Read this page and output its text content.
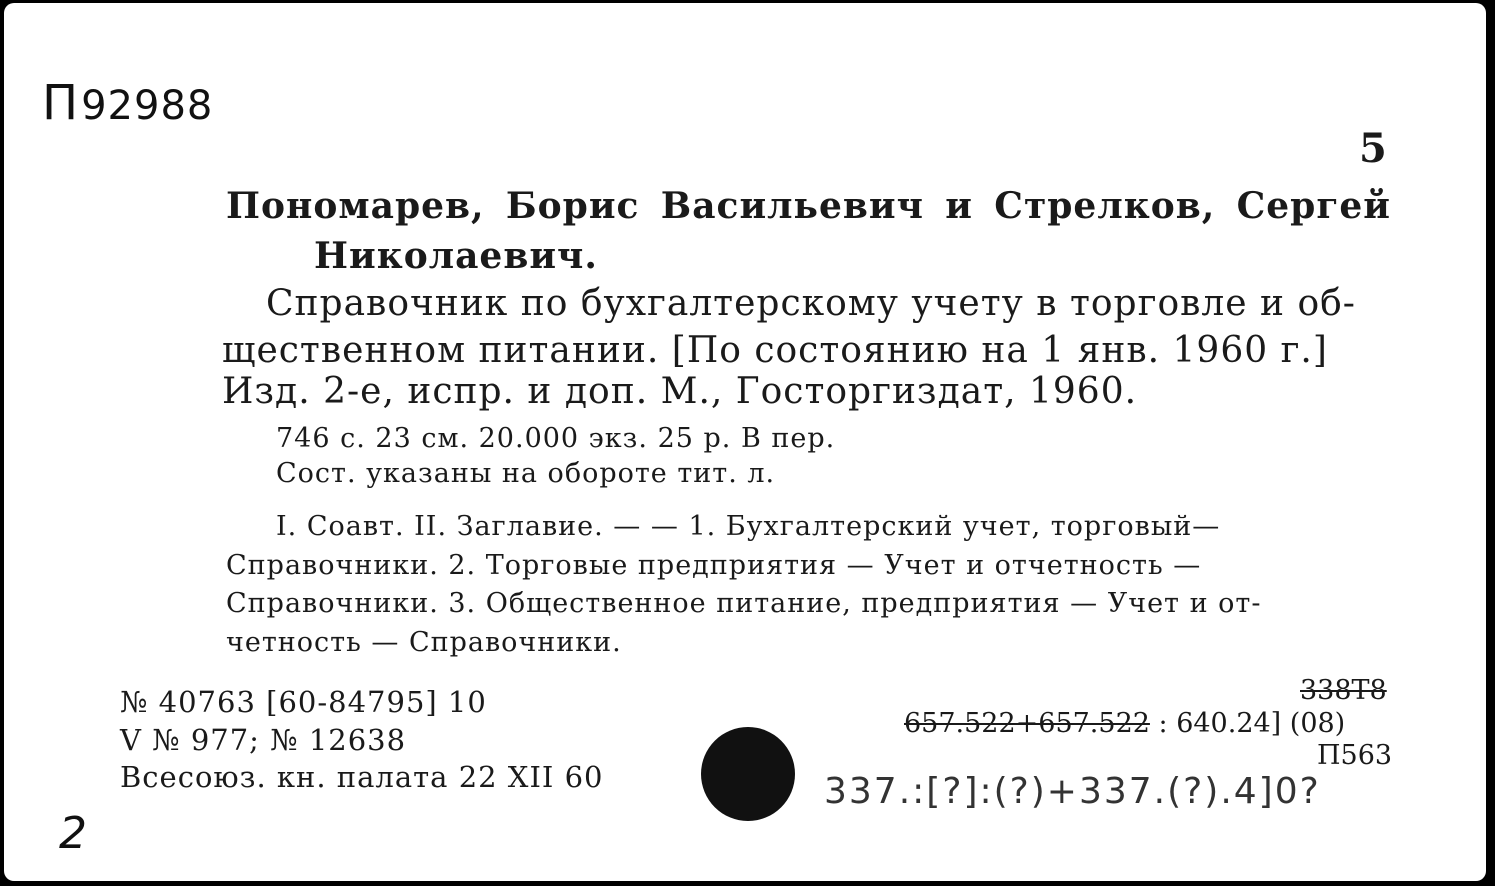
П 92988
5
Пономарев, Борис Васильевич и Стрелков, Сергей
Николаевич.
Справочник по бухгалтерскому учету в торговле и об-
щественном питании. [По состоянию на 1 янв. 1960 г.]
Изд. 2-е, испр. и доп. М., Госторгиздат, 1960.
746 с. 23 см. 20.000 экз. 25 р. В пер.
Сост. указаны на обороте тит. л.
I. Соавт. II. Заглавие. — — 1. Бухгалтерский учет, торговый—
Справочники. 2. Торговые предприятия — Учет и отчетность —
Справочники. 3. Общественное питание, предприятия — Учет и от-
четность — Справочники.
№ 40763 [60-84795] 10
V № 977; № 12638
Всесоюз. кн. палата 22 XII 60
338Т8
657.522+657.522 : 640.24] (08)
П563
337.:[?]:(?)+337.(?).4]0?
2
